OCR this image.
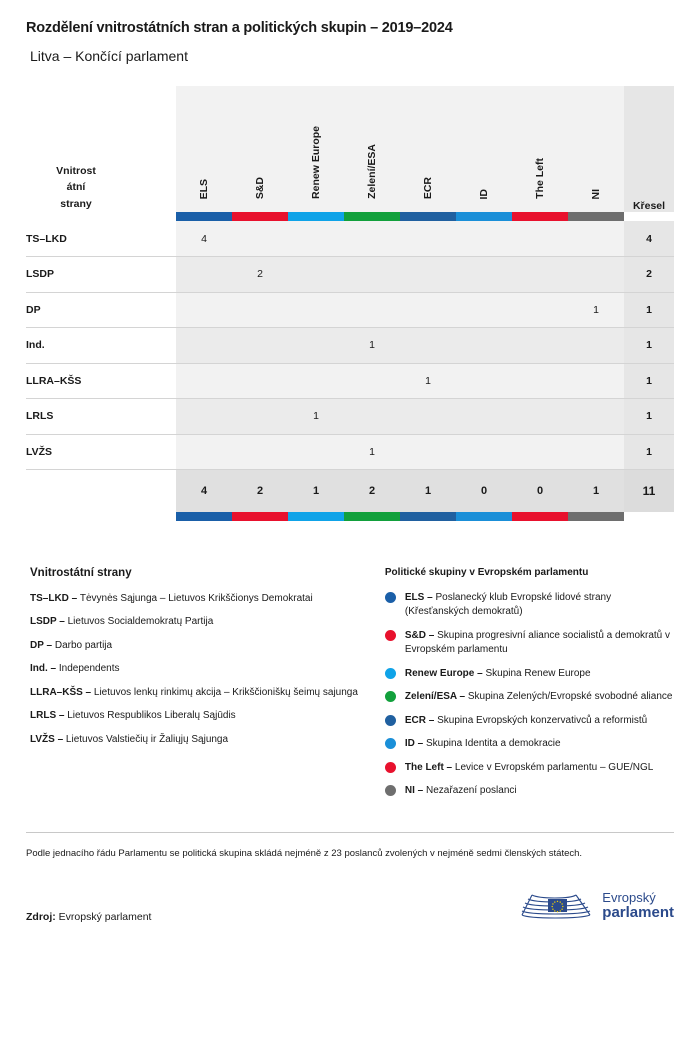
Rozdělení vnitrostátních stran a politických skupin – 2019–2024
Litva – Končící parlament
Vnitrost
átní
strany	ELS	S&D	Renew Europe	Zelení/ESA	ECR	ID	The Left	NI	Křesel

TS–LKD	4								4

LSDP		2							2

DP								1	1

Ind.				1					1

LLRA–KŠS					1				1

LRLS			1						1

LVŽS				1					1

	4	2	1	2	1	0	0	1	11

Vnitrostátní strany
TS–LKD – Tėvynės Sąjunga – Lietuvos Krikščionys Demokratai
LSDP – Lietuvos Socialdemokratų Partija
DP – Darbo partija
Ind. – Independents
LLRA–KŠS – Lietuvos lenkų rinkimų akcija – Krikščioniškų šeimų sajunga
LRLS – Lietuvos Respublikos Liberalų Sąjūdis
LVŽS – Lietuvos Valstiečių ir Žaliųjų Sąjunga
Politické skupiny v Evropském parlamentu
ELS – Poslanecký klub Evropské lidové strany (Křesťanských demokratů)
S&D – Skupina progresivní aliance socialistů a demokratů v Evropském parlamentu
Renew Europe – Skupina Renew Europe
Zelení/ESA – Skupina Zelených/Evropské svobodné aliance
ECR – Skupina Evropských konzervativců a reformistů
ID – Skupina Identita a demokracie
The Left – Levice v Evropském parlamentu – GUE/NGL
NI – Nezařazení poslanci
Podle jednacího řádu Parlamentu se politická skupina skládá nejméně z 23 poslanců zvolených v nejméně sedmi členských státech.
Zdroj: Evropský parlament
Evropský
parlament
